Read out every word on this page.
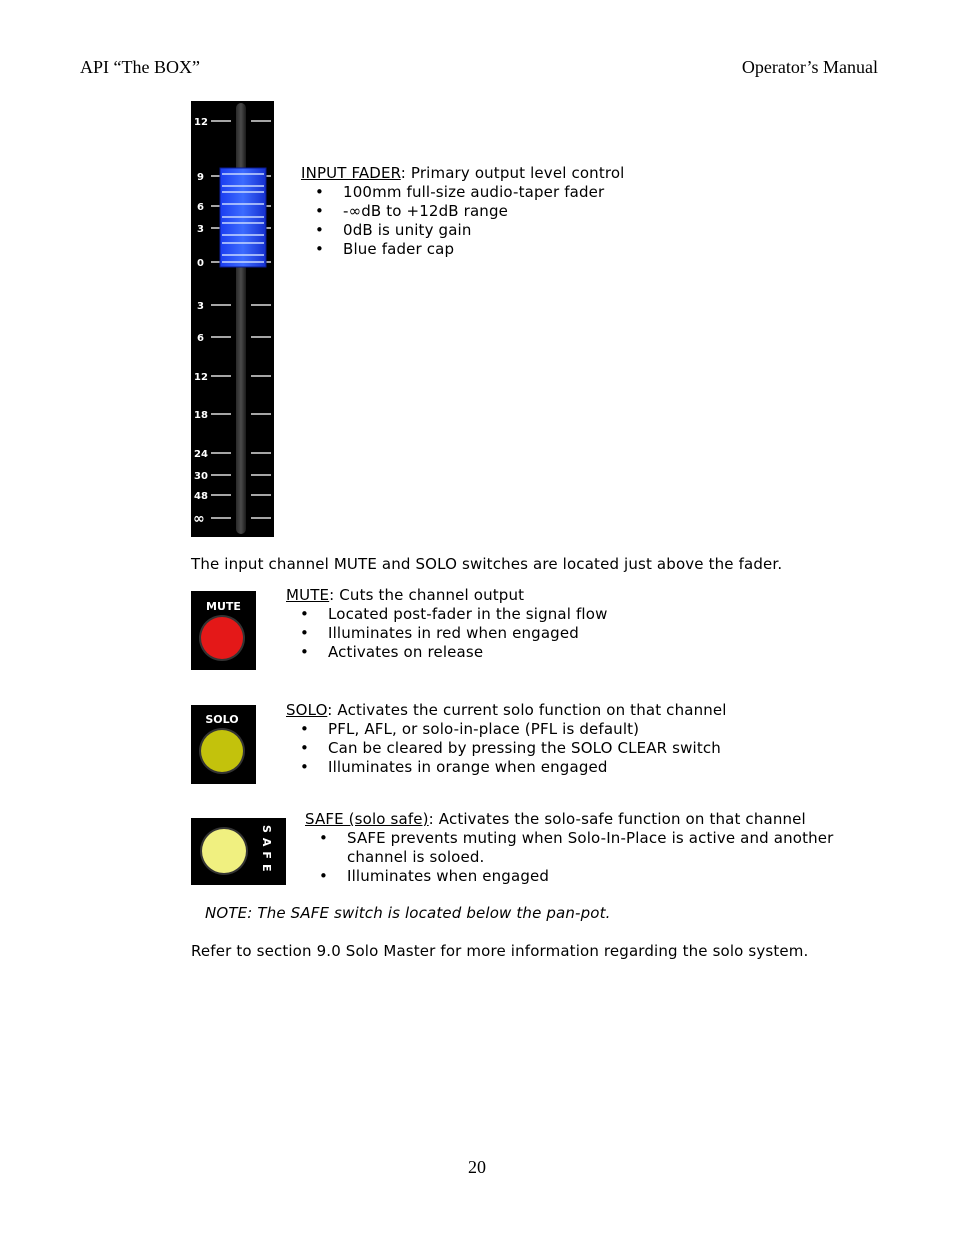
API “The BOX”	Operator’s Manual
12
9
6
3
0
3
6
12
18
24
30
48
∞
INPUT FADER: Primary output level control
• 100mm full-size audio-taper fader
• -∞dB to +12dB range
• 0dB is unity gain
• Blue fader cap
The input channel MUTE and SOLO switches are located just above the fader.
MUTE
MUTE: Cuts the channel output
• Located post-fader in the signal flow
• Illuminates in red when engaged
• Activates on release
SOLO
SOLO: Activates the current solo function on that channel
• PFL, AFL, or solo-in-place (PFL is default)
• Can be cleared by pressing the SOLO CLEAR switch
• Illuminates in orange when engaged
SAFE
SAFE (solo safe): Activates the solo-safe function on that channel
• SAFE prevents muting when Solo-In-Place is active and another channel is soloed.
• Illuminates when engaged
NOTE: The SAFE switch is located below the pan-pot.
Refer to section 9.0 Solo Master for more information regarding the solo system.
20
